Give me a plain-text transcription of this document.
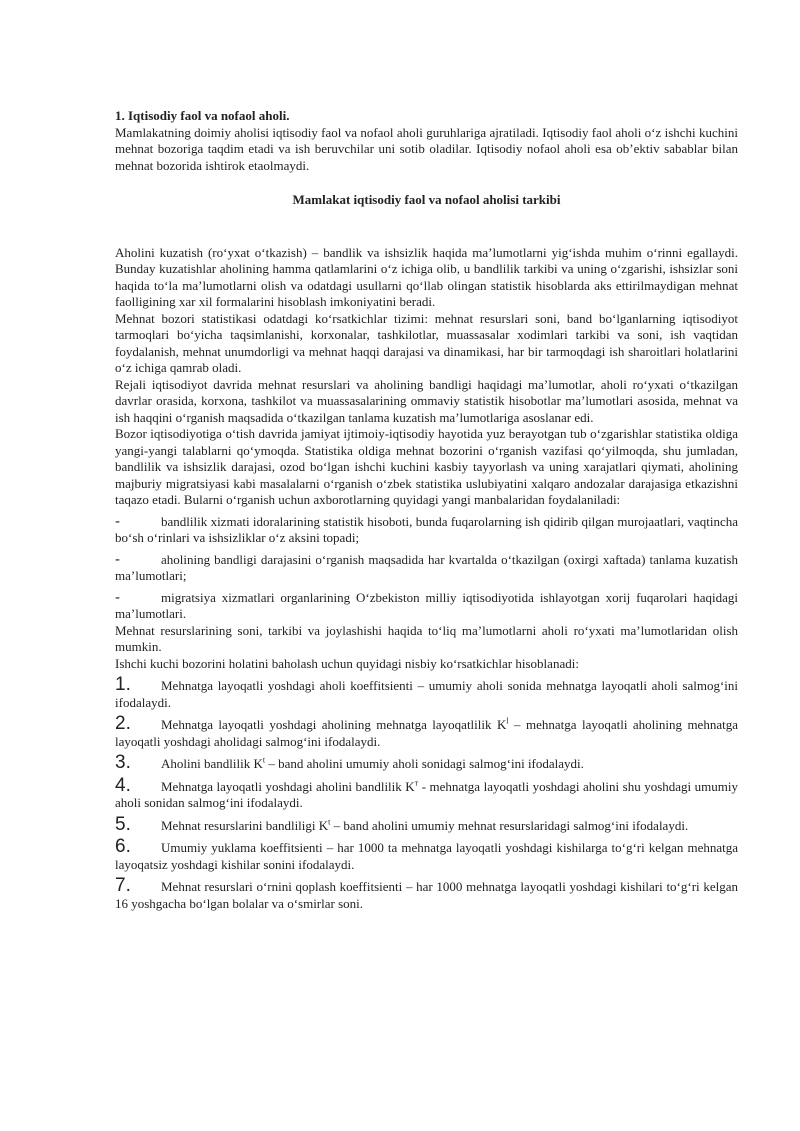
1. Iqtisodiy faol va nofaol aholi.

Mamlakatning doimiy aholisi iqtisodiy faol va nofaol aholi guruhlariga ajratiladi. Iqtisodiy faol aholi o‘z ishchi kuchini mehnat bozoriga taqdim etadi va ish beruvchilar uni sotib oladilar. Iqtisodiy nofaol aholi esa ob’ektiv sabablar bilan mehnat bozorida ishtirok etaolmaydi.

Mamlakat iqtisodiy faol va nofaol aholisi tarkibi

Aholini kuzatish (ro‘yxat o‘tkazish) – bandlik va ishsizlik haqida ma’lumotlarni yig‘ishda muhim o‘rinni egallaydi. Bunday kuzatishlar aholining hamma qatlamlarini o‘z ichiga olib, u bandlilik tarkibi va uning o‘zgarishi, ishsizlar soni haqida to‘la ma’lumotlarni olish va odatdagi usullarni qo‘llab olingan statistik hisoblarda aks ettirilmaydigan mehnat faolligining xar xil formalarini hisoblash imkoniyatini beradi.

Mehnat bozori statistikasi odatdagi ko‘rsatkichlar tizimi: mehnat resurslari soni, band bo‘lganlarning iqtisodiyot tarmoqlari bo‘yicha taqsimlanishi, korxonalar, tashkilotlar, muassasalar xodimlari tarkibi va soni, ish vaqtidan foydalanish, mehnat unumdorligi va mehnat haqqi darajasi va dinamikasi, har bir tarmoqdagi ish sharoitlari holatlarini o‘z ichiga qamrab oladi.

Rejali iqtisodiyot davrida mehnat resurslari va aholining bandligi haqidagi ma’lumotlar, aholi ro‘yxati o‘tkazilgan davrlar orasida, korxona, tashkilot va muassasalarining ommaviy statistik hisobotlar ma’lumotlari asosida, mehnat va ish haqqini o‘rganish maqsadida o‘tkazilgan tanlama kuzatish ma’lumotlariga asoslanar edi.

Bozor iqtisodiyotiga o‘tish davrida jamiyat ijtimoiy-iqtisodiy hayotida yuz berayotgan tub o‘zgarishlar statistika oldiga yangi-yangi talablarni qo‘ymoqda. Statistika oldiga mehnat bozorini o‘rganish vazifasi qo‘yilmoqda, shu jumladan, bandlilik va ishsizlik darajasi, ozod bo‘lgan ishchi kuchini kasbiy tayyorlash va uning xarajatlari qiymati, aholining majburiy migratsiyasi kabi masalalarni o‘rganish o‘zbek statistika uslubiyatini xalqaro andozalar darajasiga etkazishni taqazo etadi. Bularni o‘rganish uchun axborotlarning quyidagi yangi manbalaridan foydalaniladi:

-	bandlilik xizmati idoralarining statistik hisoboti, bunda fuqarolarning ish qidirib qilgan murojaatlari, vaqtincha bo‘sh o‘rinlari va ishsizliklar o‘z aksini topadi;

-	aholining bandligi darajasini o‘rganish maqsadida har kvartalda o‘tkazilgan (oxirgi xaftada) tanlama kuzatish ma’lumotlari;

-	migratsiya xizmatlari organlarining O‘zbekiston milliy iqtisodiyotida ishlayotgan xorij fuqarolari haqidagi ma’lumotlari.

Mehnat resurslarining soni, tarkibi va joylashishi haqida to‘liq ma’lumotlarni aholi ro‘yxati ma’lumotlaridan olish mumkin.

Ishchi kuchi bozorini holatini baholash uchun quyidagi nisbiy ko‘rsatkichlar hisoblanadi:

1. Mehnatga layoqatli yoshdagi aholi koeffitsienti – umumiy aholi sonida mehnatga layoqatli aholi salmog‘ini ifodalaydi.

2. Mehnatga layoqatli yoshdagi aholining mehnatga layoqatlilik $K^l$ – mehnatga layoqatli aholining mehnatga layoqatli yoshdagi aholidagi salmog‘ini ifodalaydi.

3. Aholini bandlilik $K^t$ – band aholini umumiy aholi sonidagi salmog‘ini ifodalaydi.

4. Mehnatga layoqatli yoshdagi aholini bandlilik $K^т$ - mehnatga layoqatli yoshdagi aholini shu yoshdagi umumiy aholi sonidan salmog‘ini ifodalaydi.

5. Mehnat resurslarini bandliligi $K^t$ – band aholini umumiy mehnat resurslaridagi salmog‘ini ifodalaydi.

6. Umumiy yuklama koeffitsienti – har 1000 ta mehnatga layoqatli yoshdagi kishilarga to‘g‘ri kelgan mehnatga layoqatsiz yoshdagi kishilar sonini ifodalaydi.

7. Mehnat resurslari o‘rnini qoplash koeffitsienti – har 1000 mehnatga layoqatli yoshdagi kishilari to‘g‘ri kelgan 16 yoshgacha bo‘lgan bolalar va o‘smirlar soni.
